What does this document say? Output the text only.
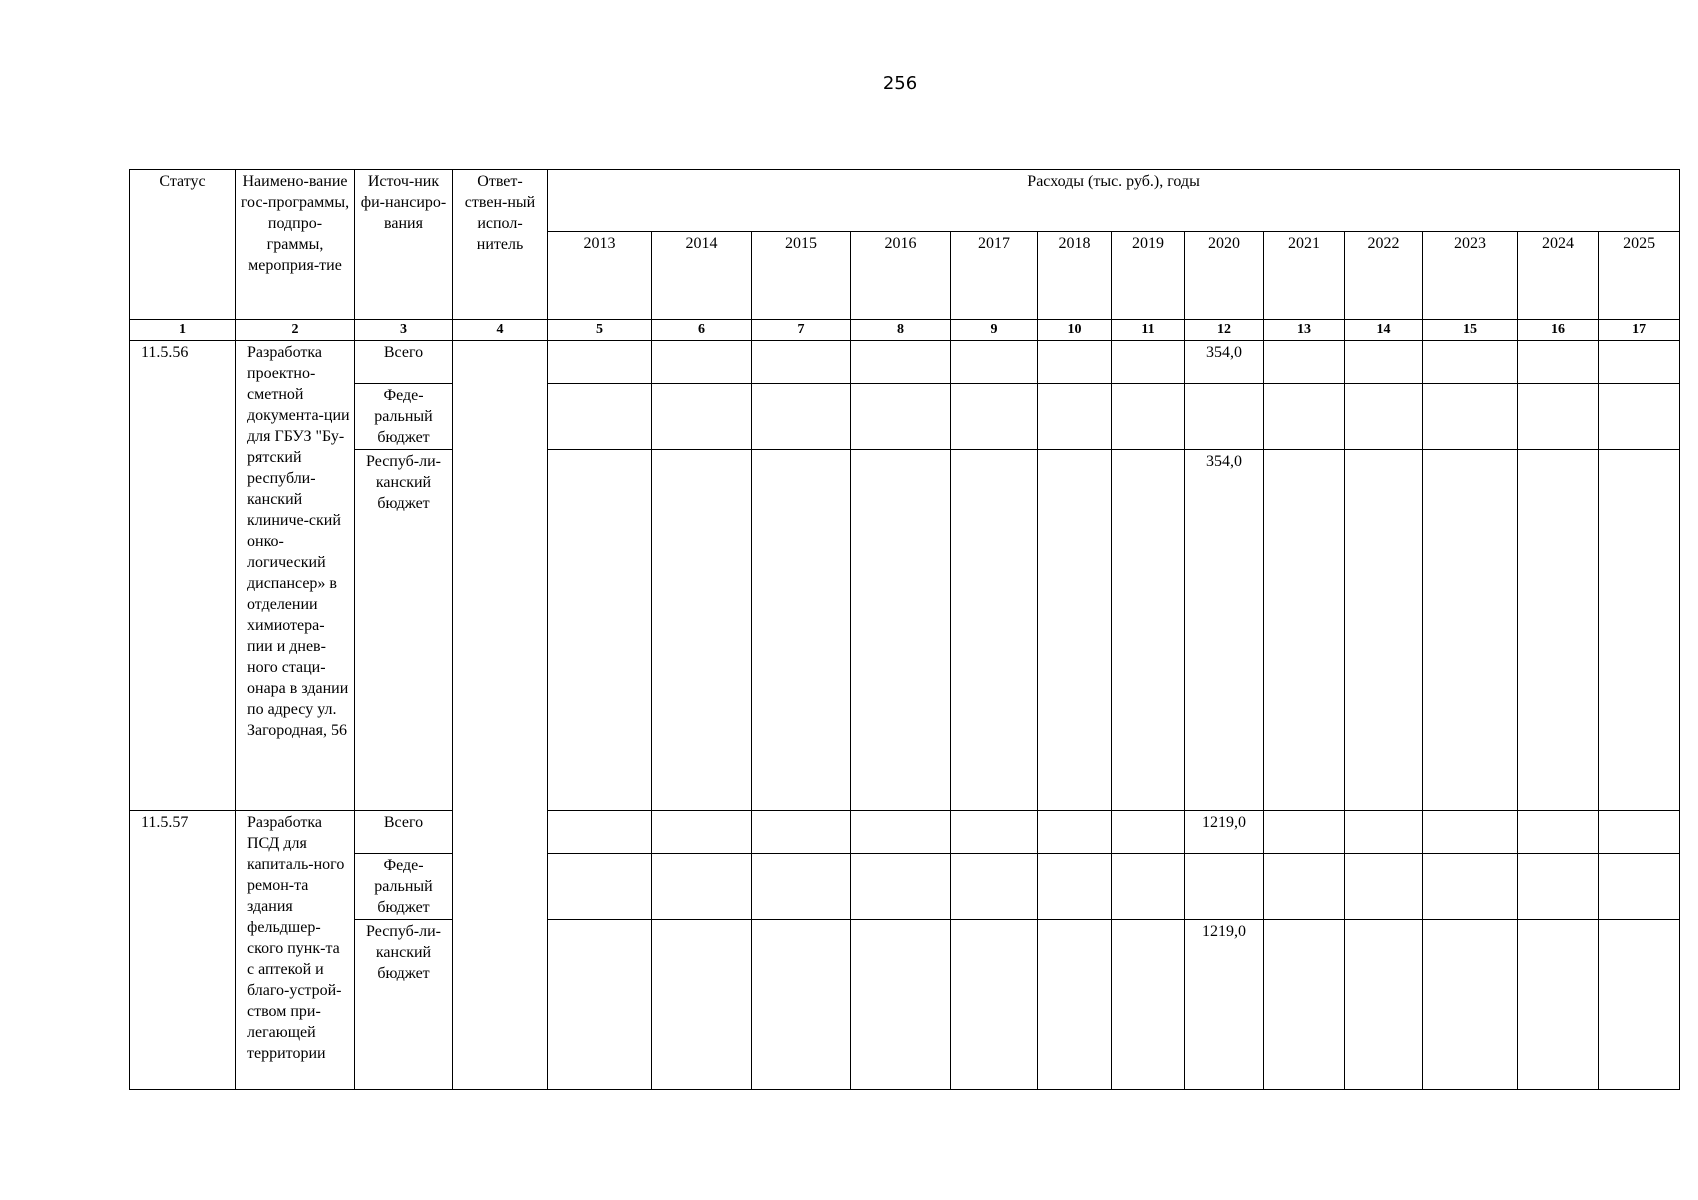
256
Статус	Наимено-вание гос-программы, подпро-граммы, мероприя-тие	Источ-ник фи-нансиро-вания	Ответ-ствен-ный испол-нитель	Расходы (тыс. руб.), годы												
				2013	2014	2015	2016	2017	2018	2019	2020	2021	2022	2023	2024	2025
1	2	3	4	5	6	7	8	9	10	11	12	13	14	15	16	17
11.5.56	Разработка проектно-сметной документа-ции для ГБУЗ "Бу-рятский республи-канский клиниче-ский онко-логический диспансер» в отделении химиотера-пии и днев-ного стаци-онара в здании по адресу ул. Загородная, 56	Всего									354,0					
		Феде-ральный бюджет														
		Респуб-ли-канский бюджет									354,0					
11.5.57	Разработка ПСД для капиталь-ного ремон-та здания фельдшер-ского пунк-та с аптекой и благо-устрой-ством при-легающей территории	Всего									1219,0					
		Феде-ральный бюджет														
		Респуб-ли-канский бюджет									1219,0					
